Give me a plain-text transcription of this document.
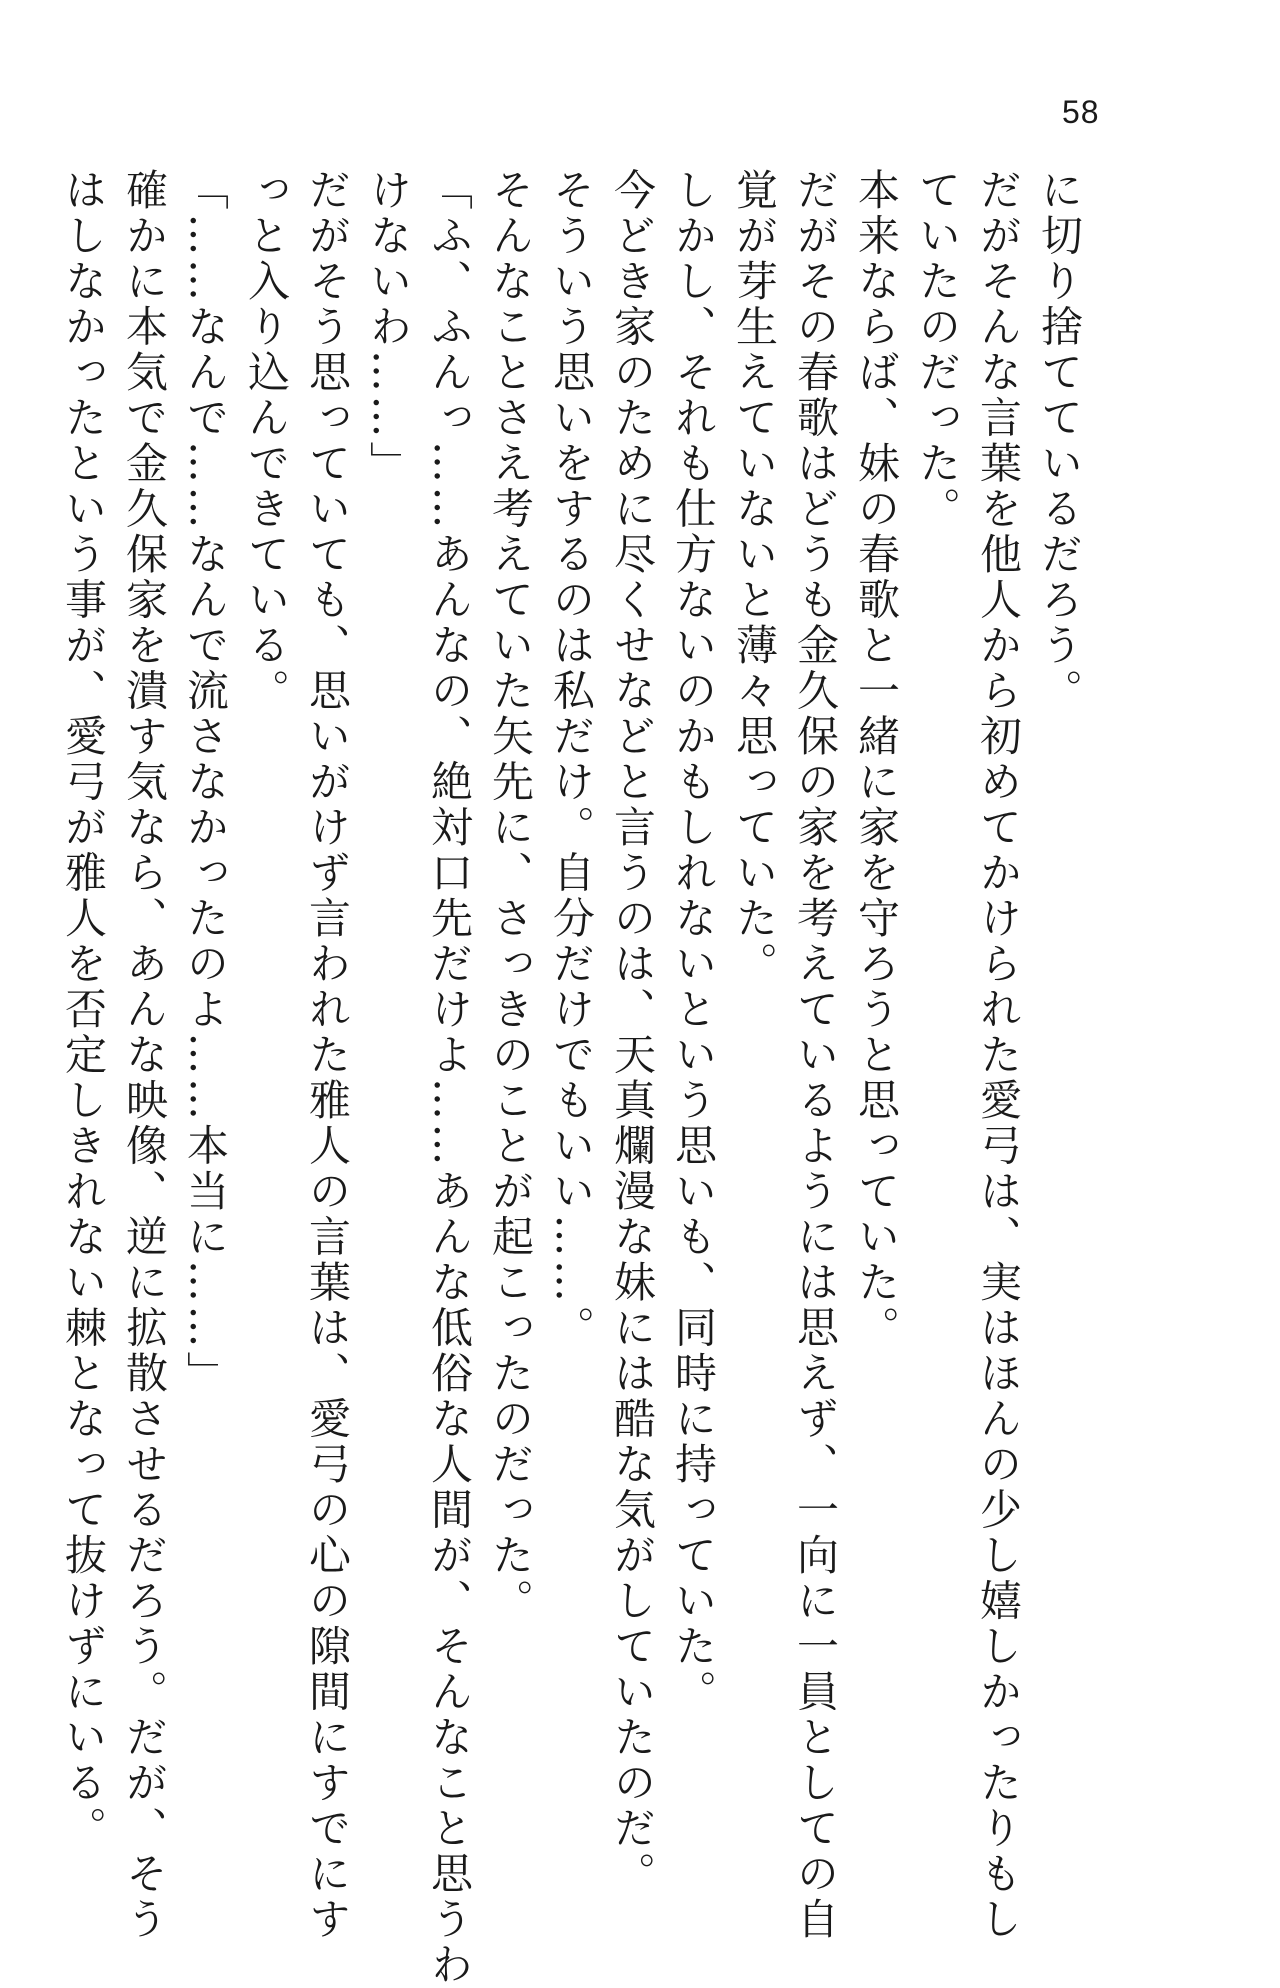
58
に切り捨てているだろう。
だがそんな言葉を他人から初めてかけられた愛弓は、実はほんの少し嬉しかったりもし
ていたのだった。
本来ならば、妹の春歌と一緒に家を守ろうと思っていた。
だがその春歌はどうも金久保の家を考えているようには思えず、一向に一員としての自
覚が芽生えていないと薄々思っていた。
しかし、それも仕方ないのかもしれないという思いも、同時に持っていた。
今どき家のために尽くせなどと言うのは、天真爛漫な妹には酷な気がしていたのだ。
そういう思いをするのは私だけ。自分だけでもいい……。
そんなことさえ考えていた矢先に、さっきのことが起こったのだった。
「ふ、ふんっ……あんなの、絶対口先だけよ……あんな低俗な人間が、そんなこと思うわ
けないわ……」
だがそう思っていても、思いがけず言われた雅人の言葉は、愛弓の心の隙間にすでにす
っと入り込んできている。
「……なんで……なんで流さなかったのよ……本当に……」
確かに本気で金久保家を潰す気なら、あんな映像、逆に拡散させるだろう。だが、そう
はしなかったという事が、愛弓が雅人を否定しきれない棘となって抜けずにいる。
